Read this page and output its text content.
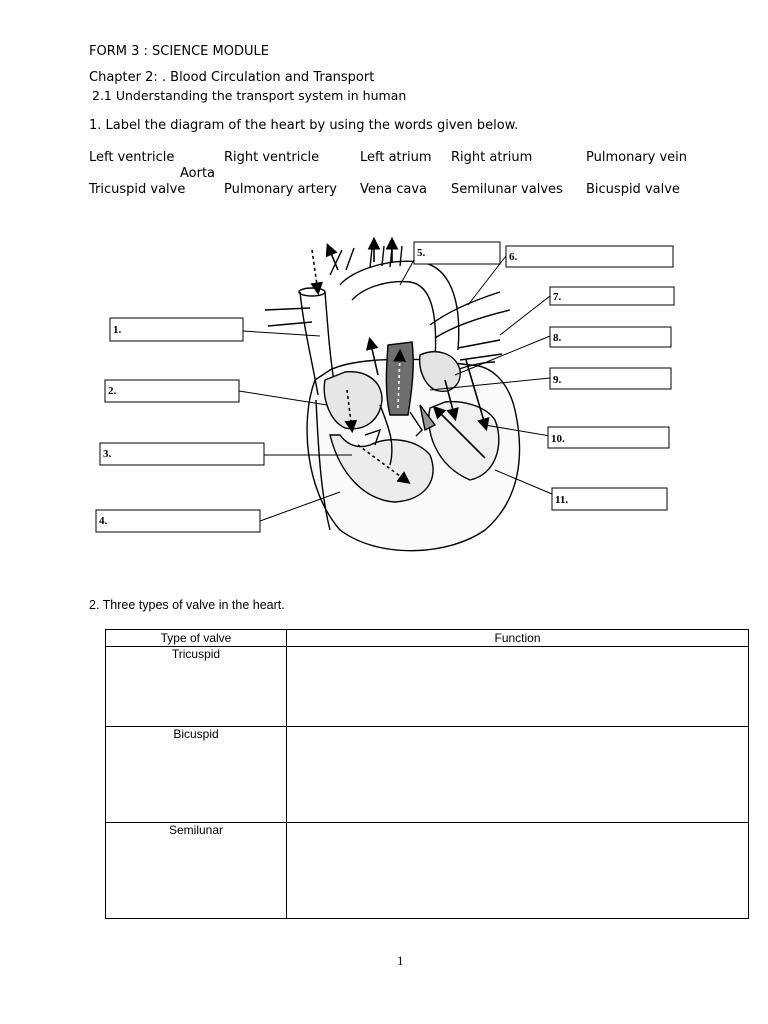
FORM 3 : SCIENCE MODULE
Chapter 2: . Blood Circulation and Transport
2.1 Understanding the transport system in human
1. Label the diagram of the heart by using the words given below.
Left ventricle	Right ventricle	Left atrium Right atrium	Pulmonary vein
Aorta
Tricuspid valve	Pulmonary artery Vena cava Semilunar valves Bicuspid valve
1.
2.
3.
4.
5.	6.
7.
8.
9.
10.
11.
2. Three types of valve in the heart.
Type of valve	Function
Tricuspid	
Bicuspid	
Semilunar	
1
